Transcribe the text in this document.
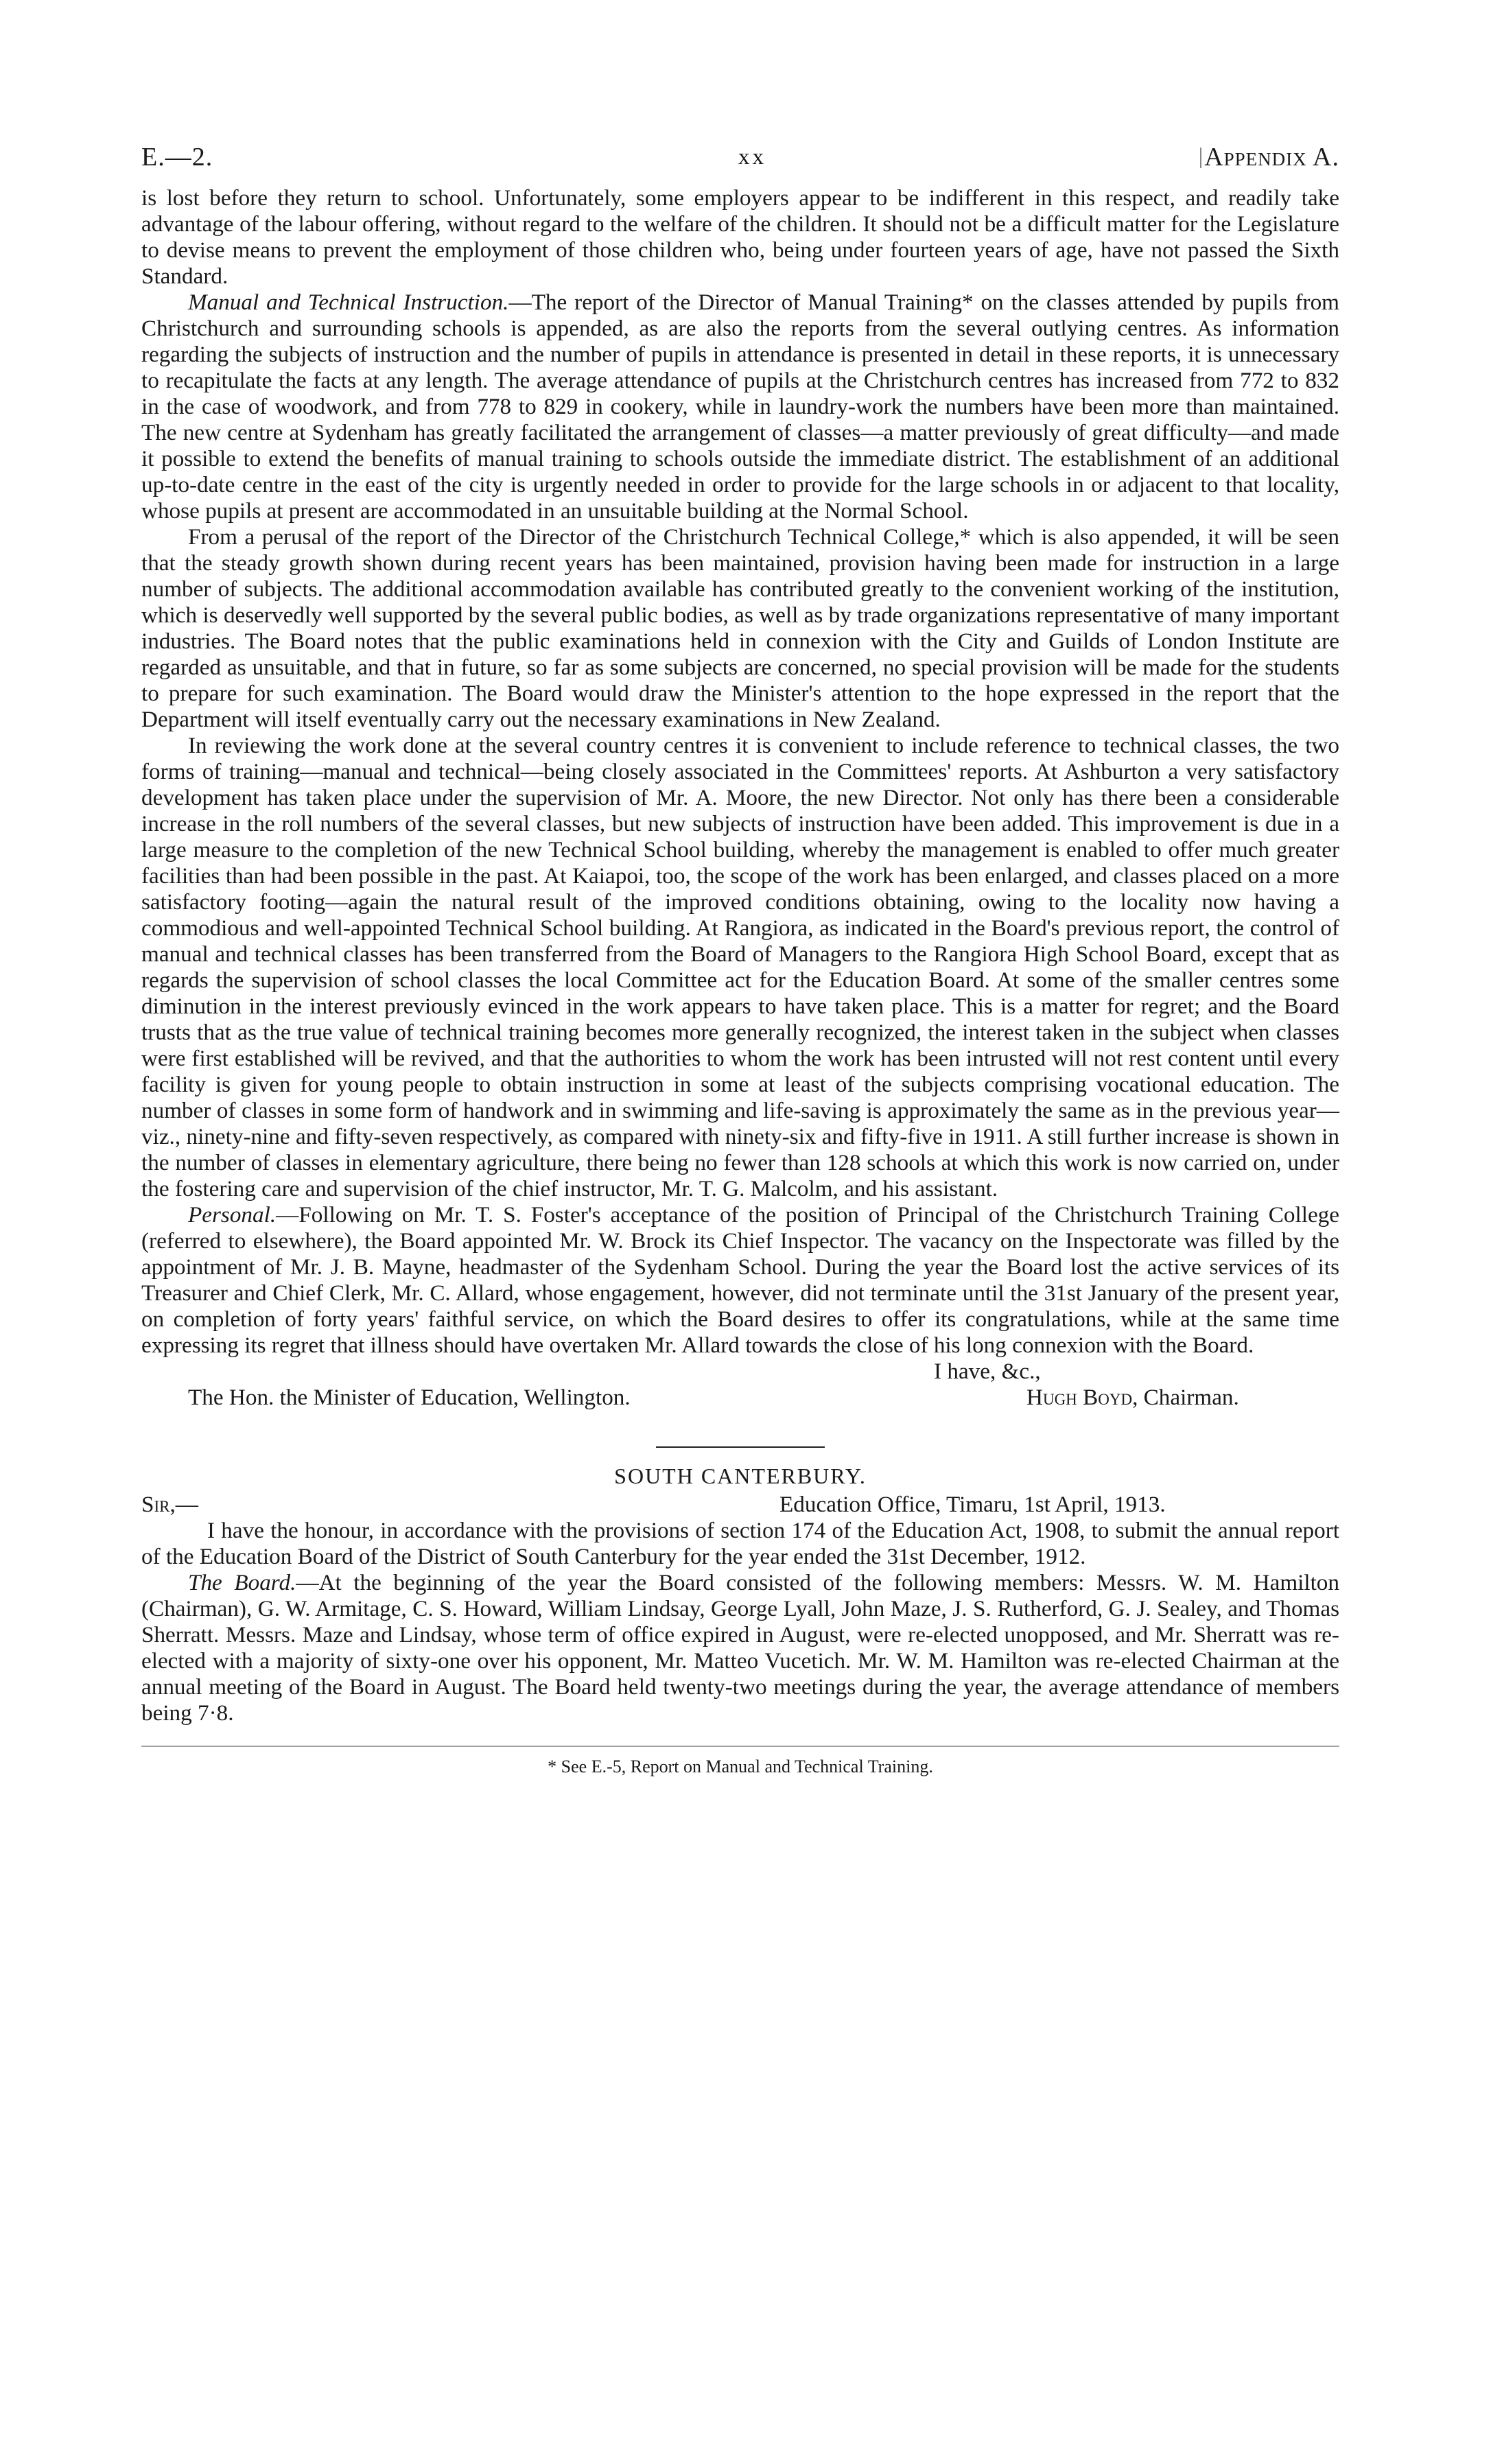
E.—2.	xx	Appendix A.

is lost before they return to school. Unfortunately, some employers appear to be indifferent in this respect, and readily take advantage of the labour offering, without regard to the welfare of the children. It should not be a difficult matter for the Legislature to devise means to prevent the employment of those children who, being under fourteen years of age, have not passed the Sixth Standard.

Manual and Technical Instruction.—The report of the Director of Manual Training* on the classes attended by pupils from Christchurch and surrounding schools is appended, as are also the reports from the several outlying centres. As information regarding the subjects of instruction and the number of pupils in attendance is presented in detail in these reports, it is unnecessary to recapitulate the facts at any length. The average attendance of pupils at the Christchurch centres has increased from 772 to 832 in the case of woodwork, and from 778 to 829 in cookery, while in laundry-work the numbers have been more than maintained. The new centre at Sydenham has greatly facilitated the arrangement of classes—a matter previously of great difficulty—and made it possible to extend the benefits of manual training to schools outside the immediate district. The establishment of an additional up-to-date centre in the east of the city is urgently needed in order to provide for the large schools in or adjacent to that locality, whose pupils at present are accommodated in an unsuitable building at the Normal School.

From a perusal of the report of the Director of the Christchurch Technical College,* which is also appended, it will be seen that the steady growth shown during recent years has been maintained, provision having been made for instruction in a large number of subjects. The additional accommodation available has contributed greatly to the convenient working of the institution, which is deservedly well supported by the several public bodies, as well as by trade organizations representative of many important industries. The Board notes that the public examinations held in connexion with the City and Guilds of London Institute are regarded as unsuitable, and that in future, so far as some subjects are concerned, no special provision will be made for the students to prepare for such examination. The Board would draw the Minister's attention to the hope expressed in the report that the Department will itself eventually carry out the necessary examinations in New Zealand.

In reviewing the work done at the several country centres it is convenient to include reference to technical classes, the two forms of training—manual and technical—being closely associated in the Committees' reports. At Ashburton a very satisfactory development has taken place under the supervision of Mr. A. Moore, the new Director. Not only has there been a considerable increase in the roll numbers of the several classes, but new subjects of instruction have been added. This improvement is due in a large measure to the completion of the new Technical School building, whereby the management is enabled to offer much greater facilities than had been possible in the past. At Kaiapoi, too, the scope of the work has been enlarged, and classes placed on a more satisfactory footing—again the natural result of the improved conditions obtaining, owing to the locality now having a commodious and well-appointed Technical School building. At Rangiora, as indicated in the Board's previous report, the control of manual and technical classes has been transferred from the Board of Managers to the Rangiora High School Board, except that as regards the supervision of school classes the local Committee act for the Education Board. At some of the smaller centres some diminution in the interest previously evinced in the work appears to have taken place. This is a matter for regret; and the Board trusts that as the true value of technical training becomes more generally recognized, the interest taken in the subject when classes were first established will be revived, and that the authorities to whom the work has been intrusted will not rest content until every facility is given for young people to obtain instruction in some at least of the subjects comprising vocational education. The number of classes in some form of handwork and in swimming and life-saving is approximately the same as in the previous year—viz., ninety-nine and fifty-seven respectively, as compared with ninety-six and fifty-five in 1911. A still further increase is shown in the number of classes in elementary agriculture, there being no fewer than 128 schools at which this work is now carried on, under the fostering care and supervision of the chief instructor, Mr. T. G. Malcolm, and his assistant.

Personal.—Following on Mr. T. S. Foster's acceptance of the position of Principal of the Christchurch Training College (referred to elsewhere), the Board appointed Mr. W. Brock its Chief Inspector. The vacancy on the Inspectorate was filled by the appointment of Mr. J. B. Mayne, headmaster of the Sydenham School. During the year the Board lost the active services of its Treasurer and Chief Clerk, Mr. C. Allard, whose engagement, however, did not terminate until the 31st January of the present year, on completion of forty years' faithful service, on which the Board desires to offer its congratulations, while at the same time expressing its regret that illness should have overtaken Mr. Allard towards the close of his long connexion with the Board.

I have, &c.,
The Hon. the Minister of Education, Wellington.	Hugh Boyd, Chairman.
SOUTH CANTERBURY.
Sir,—	Education Office, Timaru, 1st April, 1913.

I have the honour, in accordance with the provisions of section 174 of the Education Act, 1908, to submit the annual report of the Education Board of the District of South Canterbury for the year ended the 31st December, 1912.

The Board.—At the beginning of the year the Board consisted of the following members: Messrs. W. M. Hamilton (Chairman), G. W. Armitage, C. S. Howard, William Lindsay, George Lyall, John Maze, J. S. Rutherford, G. J. Sealey, and Thomas Sherratt. Messrs. Maze and Lindsay, whose term of office expired in August, were re-elected unopposed, and Mr. Sherratt was re-elected with a majority of sixty-one over his opponent, Mr. Matteo Vucetich. Mr. W. M. Hamilton was re-elected Chairman at the annual meeting of the Board in August. The Board held twenty-two meetings during the year, the average attendance of members being 7·8.

* See E.-5, Report on Manual and Technical Training.
